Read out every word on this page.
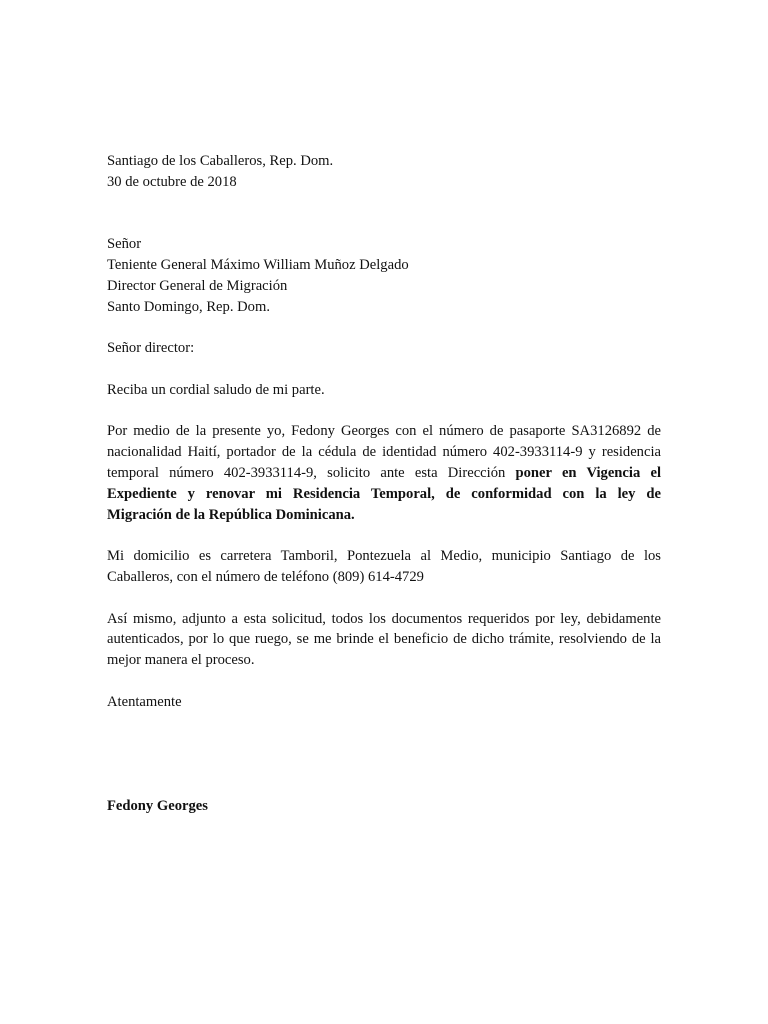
Santiago de los Caballeros, Rep. Dom.
30 de octubre de 2018
Señor
Teniente General Máximo William Muñoz Delgado
Director General de Migración
Santo Domingo, Rep. Dom.
Señor director:
Reciba un cordial saludo de mi parte.
Por medio de la presente yo, Fedony Georges con el número de pasaporte SA3126892 de
nacionalidad Haití, portador de la cédula de identidad número 402-3933114-9 y residencia
temporal número 402-3933114-9, solicito ante esta Dirección poner en Vigencia el
Expediente y renovar mi Residencia Temporal, de conformidad con la ley de
Migración de la República Dominicana.
Mi domicilio es carretera Tamboril, Pontezuela al Medio, municipio Santiago de los
Caballeros, con el número de teléfono (809) 614-4729
Así mismo, adjunto a esta solicitud, todos los documentos requeridos por ley, debidamente
autenticados, por lo que ruego, se me brinde el beneficio de dicho trámite, resolviendo de la
mejor manera el proceso.
Atentamente
Fedony Georges
